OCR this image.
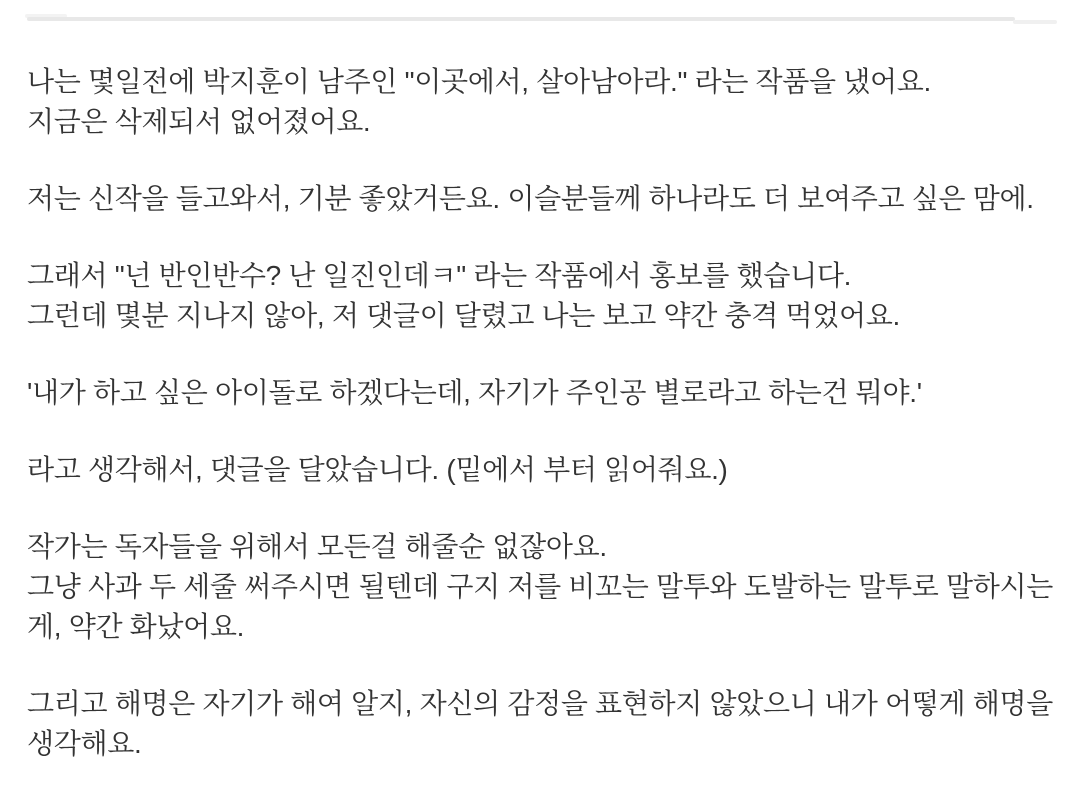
나는 몇일전에 박지훈이 남주인 "이곳에서, 살아남아라." 라는 작품을 냈어요.
지금은 삭제되서 없어졌어요.

저는 신작을 들고와서, 기분 좋았거든요. 이슬분들께 하나라도 더 보여주고 싶은 맘에.

그래서 "넌 반인반수? 난 일진인데ㅋ" 라는 작품에서 홍보를 했습니다.
그런데 몇분 지나지 않아, 저 댓글이 달렸고 나는 보고 약간 충격 먹었어요.

'내가 하고 싶은 아이돌로 하겠다는데, 자기가 주인공 별로라고 하는건 뭐야.'

라고 생각해서, 댓글을 달았습니다. (밑에서 부터 읽어줘요.)

작가는 독자들을 위해서 모든걸 해줄순 없잖아요.
그냥 사과 두 세줄 써주시면 될텐데 구지 저를 비꼬는 말투와 도발하는 말투로 말하시는
게, 약간 화났어요.

그리고 해명은 자기가 해여 알지, 자신의 감정을 표현하지 않았으니 내가 어떻게 해명을
생각해요.
